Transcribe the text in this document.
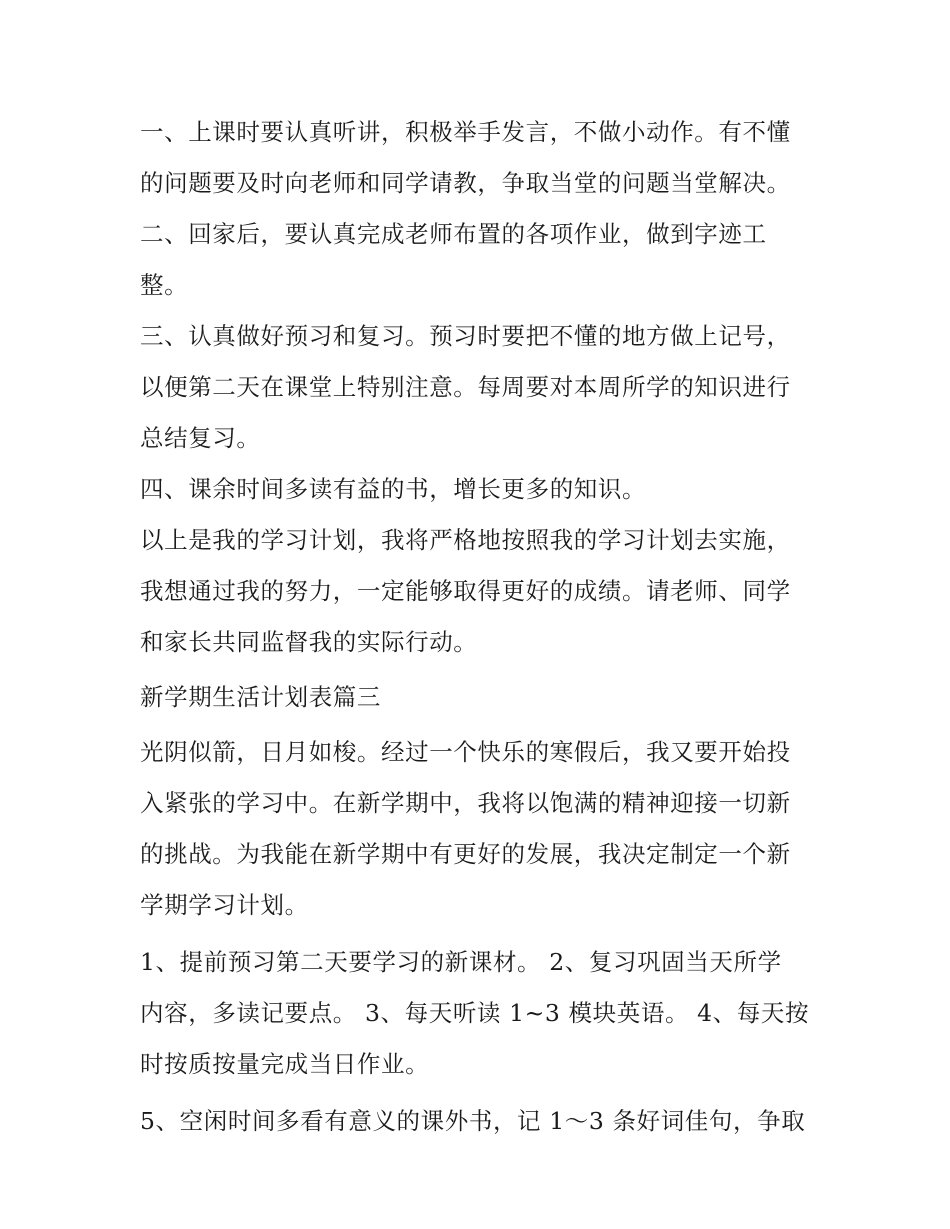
一、上课时要认真听讲，积极举手发言，不做小动作。有不懂

的问题要及时向老师和同学请教，争取当堂的问题当堂解决。

二、回家后，要认真完成老师布置的各项作业，做到字迹工

整。

三、认真做好预习和复习。预习时要把不懂的地方做上记号，

以便第二天在课堂上特别注意。每周要对本周所学的知识进行

总结复习。

四、课余时间多读有益的书，增长更多的知识。

以上是我的学习计划，我将严格地按照我的学习计划去实施，

我想通过我的努力，一定能够取得更好的成绩。请老师、同学

和家长共同监督我的实际行动。

新学期生活计划表篇三

光阴似箭，日月如梭。经过一个快乐的寒假后，我又要开始投

入紧张的学习中。在新学期中，我将以饱满的精神迎接一切新

的挑战。为我能在新学期中有更好的发展，我决定制定一个新

学期学习计划。

1、提前预习第二天要学习的新课材。 2、复习巩固当天所学

内容，多读记要点。 3、每天听读 1~3 模块英语。 4、每天按

时按质按量完成当日作业。

5、空闲时间多看有意义的课外书，记 1～3 条好词佳句，争取
